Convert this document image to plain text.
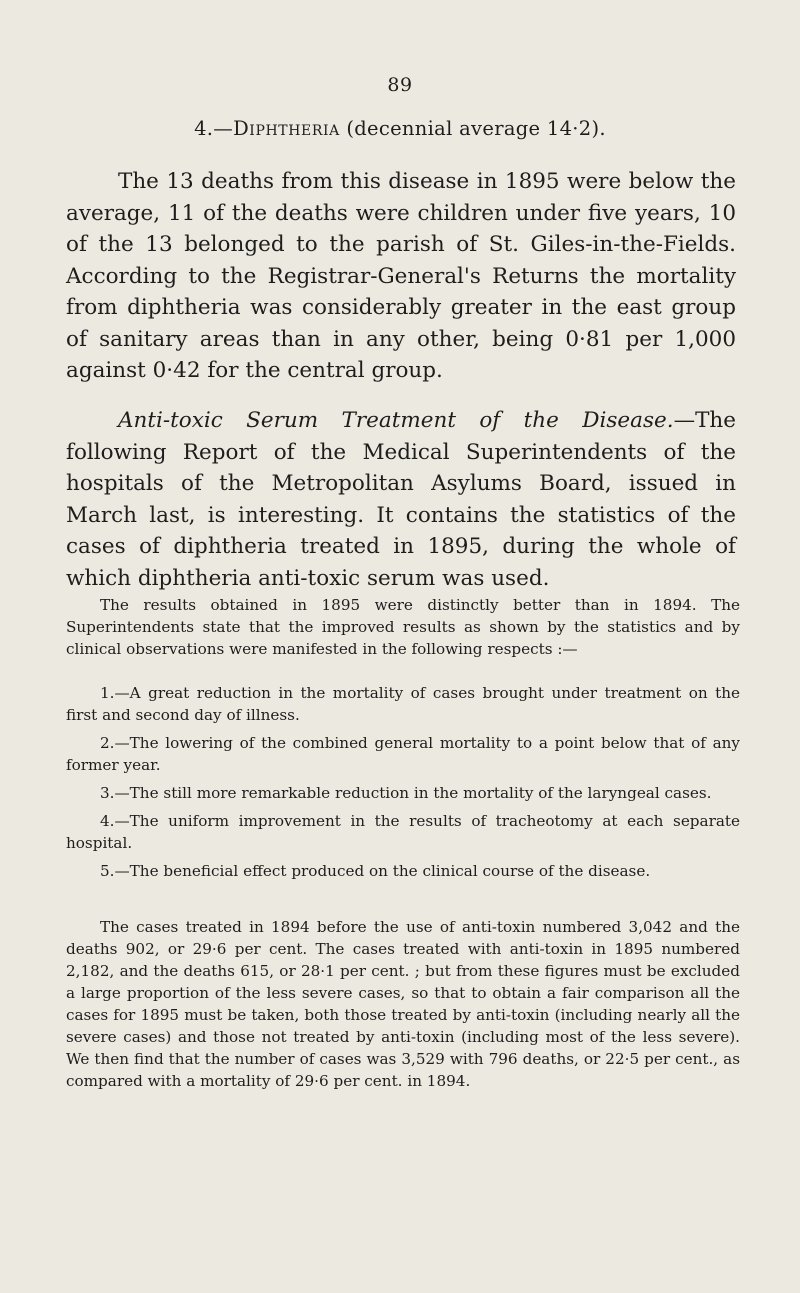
89
4.—Diphtheria (decennial average 14·2).

The 13 deaths from this disease in 1895 were below the average, 11 of the deaths were children under five years, 10 of the 13 belonged to the parish of St. Giles-in-the-Fields. According to the Registrar-General's Returns the mortality from diphtheria was considerably greater in the east group of sanitary areas than in any other, being 0·81 per 1,000 against 0·42 for the central group.

Anti-toxic Serum Treatment of the Disease.—The following Report of the Medical Superintendents of the hospitals of the Metropolitan Asylums Board, issued in March last, is interesting. It contains the statistics of the cases of diphtheria treated in 1895, during the whole of which diphtheria anti-toxic serum was used.

The results obtained in 1895 were distinctly better than in 1894. The Superintendents state that the improved results as shown by the statistics and by clinical observations were manifested in the following respects :—

1.—A great reduction in the mortality of cases brought under treatment on the first and second day of illness.
2.—The lowering of the combined general mortality to a point below that of any former year.
3.—The still more remarkable reduction in the mortality of the laryngeal cases.
4.—The uniform improvement in the results of tracheotomy at each separate hospital.
5.—The beneficial effect produced on the clinical course of the disease.

The cases treated in 1894 before the use of anti-toxin numbered 3,042 and the deaths 902, or 29·6 per cent. The cases treated with anti-toxin in 1895 numbered 2,182, and the deaths 615, or 28·1 per cent. ; but from these figures must be excluded a large proportion of the less severe cases, so that to obtain a fair comparison all the cases for 1895 must be taken, both those treated by anti-toxin (including nearly all the severe cases) and those not treated by anti-toxin (including most of the less severe). We then find that the number of cases was 3,529 with 796 deaths, or 22·5 per cent., as compared with a mortality of 29·6 per cent. in 1894.
